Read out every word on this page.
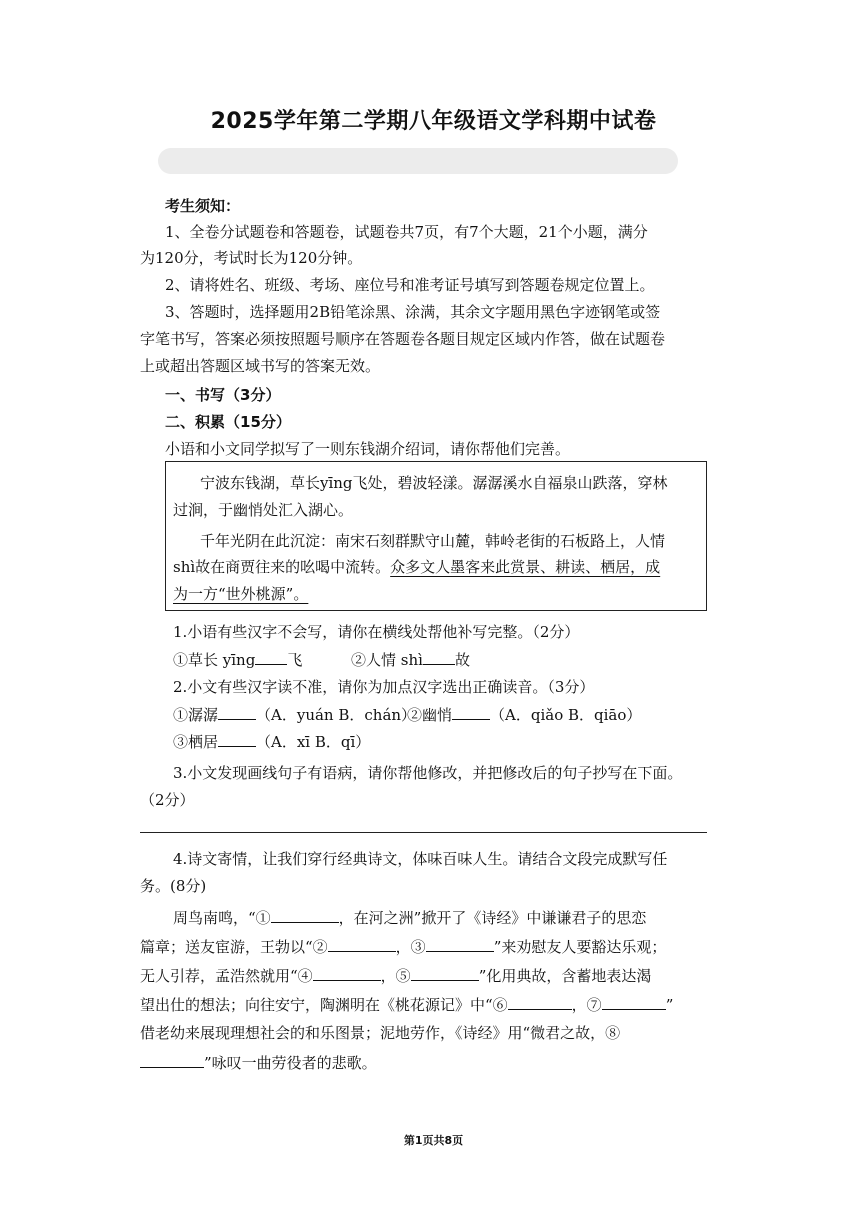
2025学年第二学期八年级语文学科期中试卷
考生须知：
1、全卷分试题卷和答题卷，试题卷共7页，有7个大题，21个小题，满分
为120分，考试时长为120分钟。
2、请将姓名、班级、考场、座位号和准考证号填写到答题卷规定位置上。
3、答题时，选择题用2B铅笔涂黑、涂满，其余文字题用黑色字迹钢笔或签
字笔书写，答案必须按照题号顺序在答题卷各题目规定区域内作答，做在试题卷
上或超出答题区域书写的答案无效。
一、书写（3分）
二、积累（15分）
小语和小文同学拟写了一则东钱湖介绍词，请你帮他们完善。
宁波东钱湖，草长yīng飞处，碧波轻漾。潺潺溪水自福泉山跌落，穿林
过涧，于幽悄处汇入湖心。
千年光阴在此沉淀：南宋石刻群默守山麓，韩岭老街的石板路上，人情
shì故在商贾往来的吆喝中流转。众多文人墨客来此赏景、耕读、栖居，成
为一方“世外桃源”。
1.小语有些汉字不会写，请你在横线处帮他补写完整。（2分）
①草长 yīng 飞	②人情 shì 故
2.小文有些汉字读不准，请你为加点汉字选出正确读音。（3分）
①潺潺	（A．yuán B．chán）
②幽悄	（A．qiǎo B．qiāo）
③栖居	（A．xī B．qī）
3.小文发现画线句子有语病，请你帮他修改，并把修改后的句子抄写在下面。
（2分）
4.诗文寄情，让我们穿行经典诗文，体味百味人生。请结合文段完成默写任
务。(8分)
周鸟南鸣，“①	，在河之洲”掀开了《诗经》中谦谦君子的思恋
篇章；送友宦游，王勃以“②	，③	”来劝慰友人要豁达乐观；
无人引荐，孟浩然就用“④	，⑤	”化用典故，含蓄地表达渴
望出仕的想法；向往安宁，陶渊明在《桃花源记》中“⑥	，⑦	”
借老幼来展现理想社会的和乐图景；泥地劳作，《诗经》用“微君之故，⑧
”咏叹一曲劳役者的悲歌。
第1页共8页
